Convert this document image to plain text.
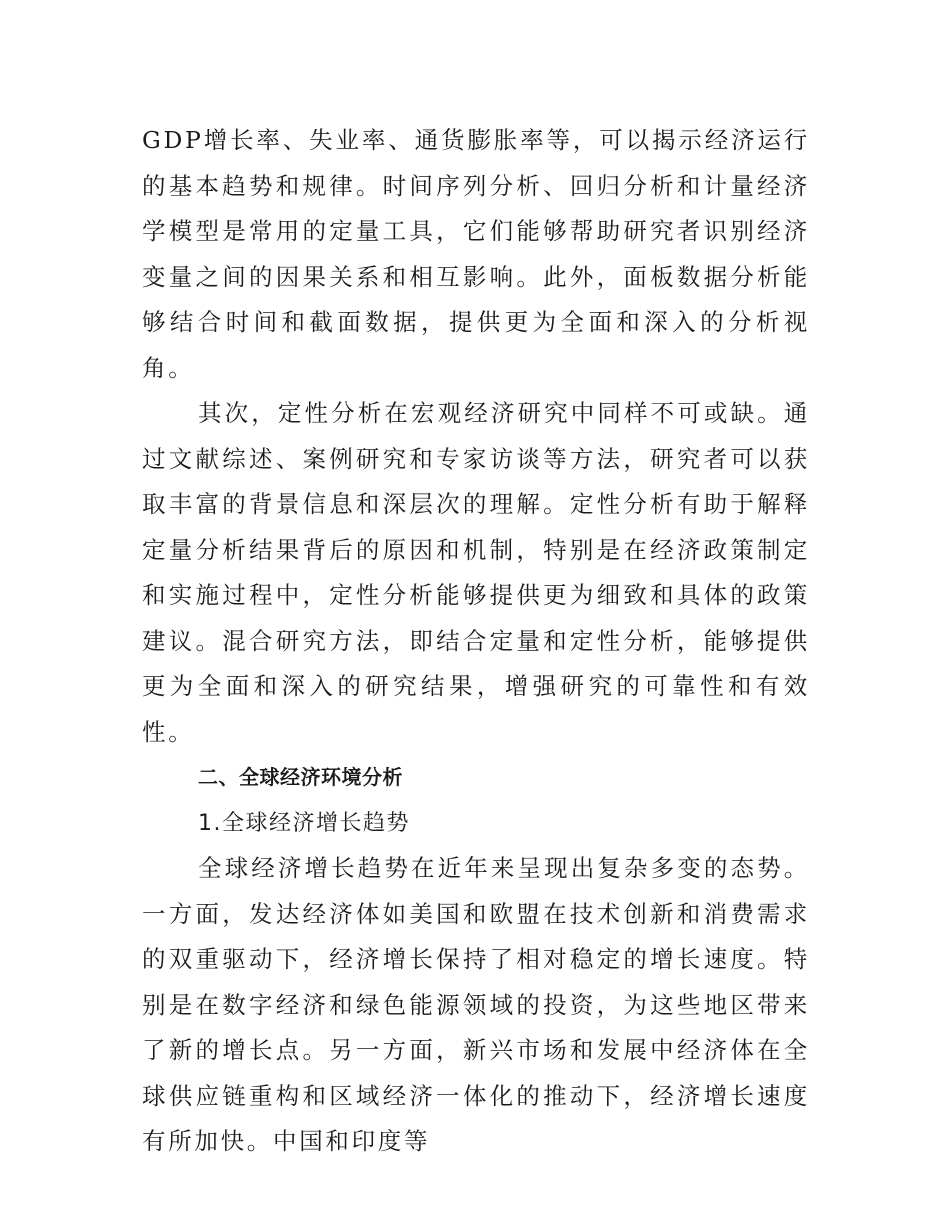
GDP增长率、失业率、通货膨胀率等，可以揭示经济运行的基本趋势和规律。时间序列分析、回归分析和计量经济学模型是常用的定量工具，它们能够帮助研究者识别经济变量之间的因果关系和相互影响。此外，面板数据分析能够结合时间和截面数据，提供更为全面和深入的分析视角。

其次，定性分析在宏观经济研究中同样不可或缺。通过文献综述、案例研究和专家访谈等方法，研究者可以获取丰富的背景信息和深层次的理解。定性分析有助于解释定量分析结果背后的原因和机制，特别是在经济政策制定和实施过程中，定性分析能够提供更为细致和具体的政策建议。混合研究方法，即结合定量和定性分析，能够提供更为全面和深入的研究结果，增强研究的可靠性和有效性。

二、全球经济环境分析

1.全球经济增长趋势

全球经济增长趋势在近年来呈现出复杂多变的态势。一方面，发达经济体如美国和欧盟在技术创新和消费需求的双重驱动下，经济增长保持了相对稳定的增长速度。特别是在数字经济和绿色能源领域的投资，为这些地区带来了新的增长点。另一方面，新兴市场和发展中经济体在全球供应链重构和区域经济一体化的推动下，经济增长速度有所加快。中国和印度等
